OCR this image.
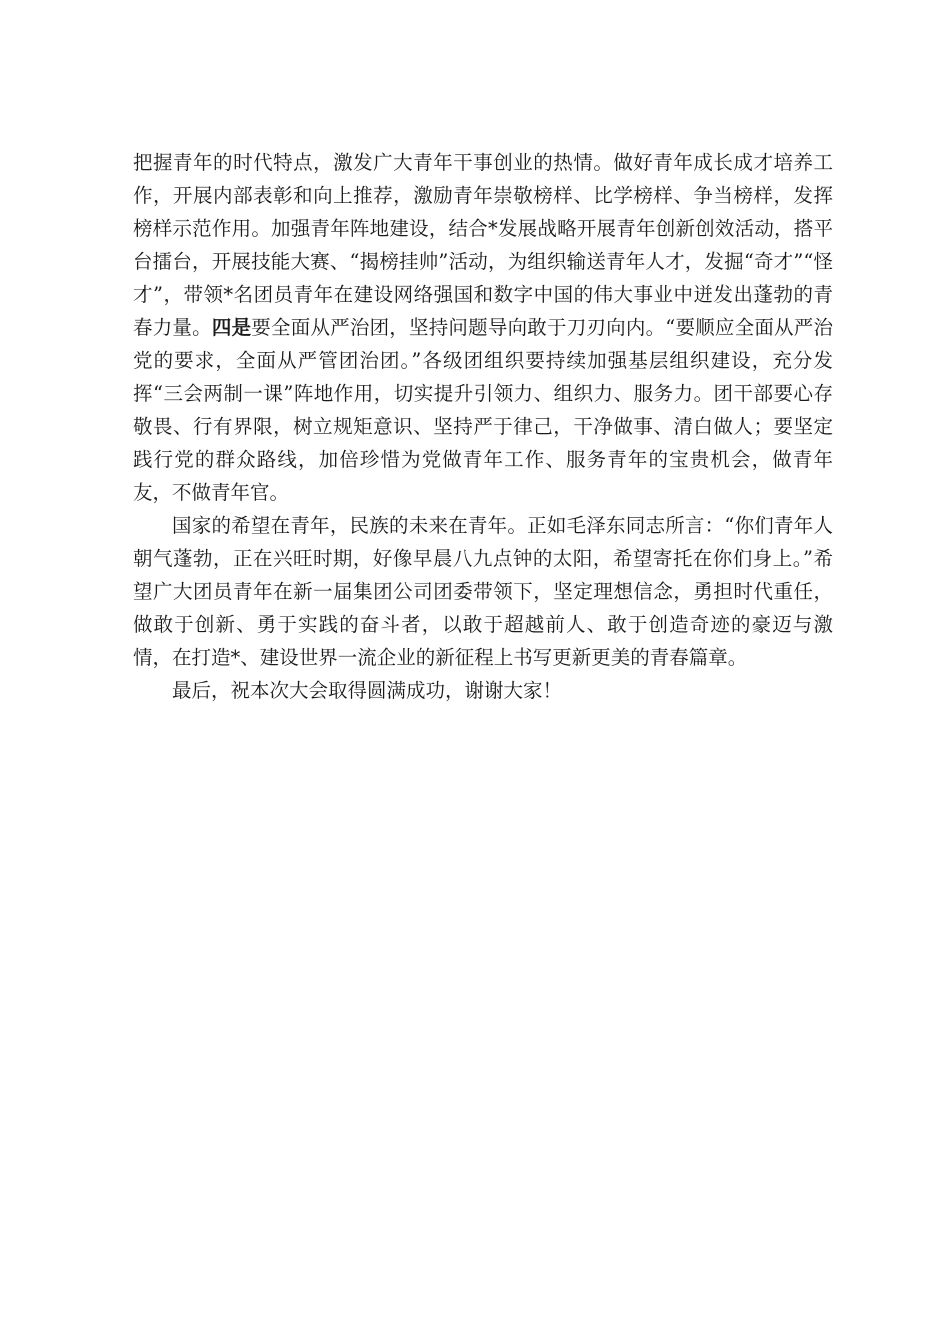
把握青年的时代特点，激发广大青年干事创业的热情。做好青年成长成才培养工作，开展内部表彰和向上推荐，激励青年崇敬榜样、比学榜样、争当榜样，发挥榜样示范作用。加强青年阵地建设，结合*发展战略开展青年创新创效活动，搭平台擂台，开展技能大赛、“揭榜挂帅”活动，为组织输送青年人才，发掘“奇才”“怪才”，带领*名团员青年在建设网络强国和数字中国的伟大事业中迸发出蓬勃的青春力量。四是要全面从严治团，坚持问题导向敢于刀刃向内。“要顺应全面从严治党的要求，全面从严管团治团。”各级团组织要持续加强基层组织建设，充分发挥“三会两制一课”阵地作用，切实提升引领力、组织力、服务力。团干部要心存敬畏、行有界限，树立规矩意识、坚持严于律己，干净做事、清白做人；要坚定践行党的群众路线，加倍珍惜为党做青年工作、服务青年的宝贵机会，做青年友，不做青年官。

国家的希望在青年，民族的未来在青年。正如毛泽东同志所言：“你们青年人朝气蓬勃，正在兴旺时期，好像早晨八九点钟的太阳，希望寄托在你们身上。”希望广大团员青年在新一届集团公司团委带领下，坚定理想信念，勇担时代重任，做敢于创新、勇于实践的奋斗者，以敢于超越前人、敢于创造奇迹的豪迈与激情，在打造*、建设世界一流企业的新征程上书写更新更美的青春篇章。

最后，祝本次大会取得圆满成功，谢谢大家！
